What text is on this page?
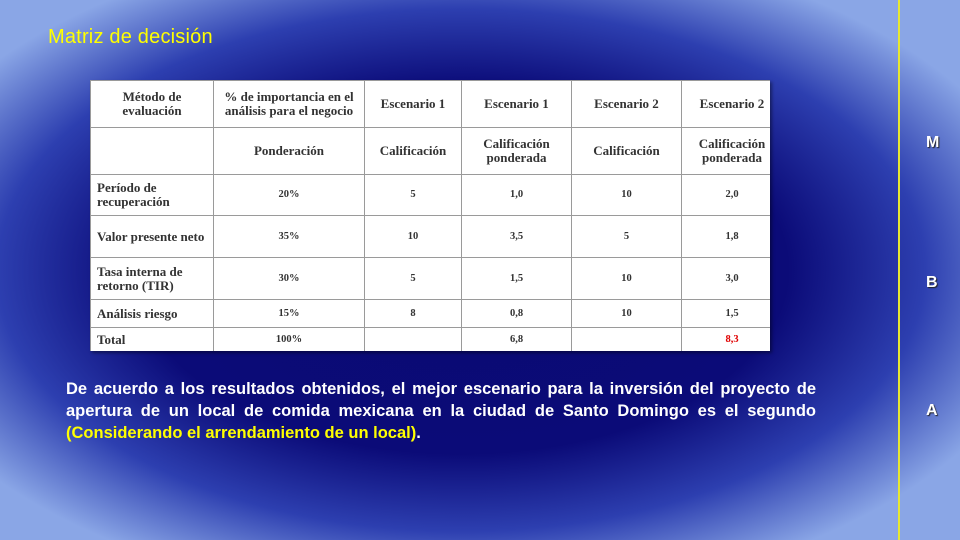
Matriz de decisión
M
B
A
Método de evaluación	% de importancia en el análisis para el negocio	Escenario 1	Escenario 1	Escenario 2	Escenario 2
	Ponderación	Calificación	Calificación ponderada	Calificación	Calificación ponderada
Período de recuperación	20%	5	1,0	10	2,0
Valor presente neto	35%	10	3,5	5	1,8
Tasa interna de retorno (TIR)	30%	5	1,5	10	3,0
Análisis riesgo	15%	8	0,8	10	1,5
Total	100%		6,8		8,3
De acuerdo a los resultados obtenidos, el mejor escenario para la inversión del proyecto de apertura de un local de comida mexicana en la ciudad de Santo Domingo es el segundo (Considerando el arrendamiento de un local).
